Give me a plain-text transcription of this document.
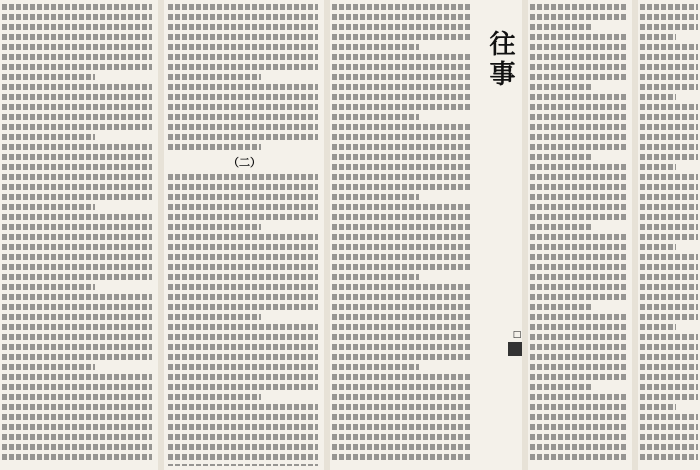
往事
□
（二）
